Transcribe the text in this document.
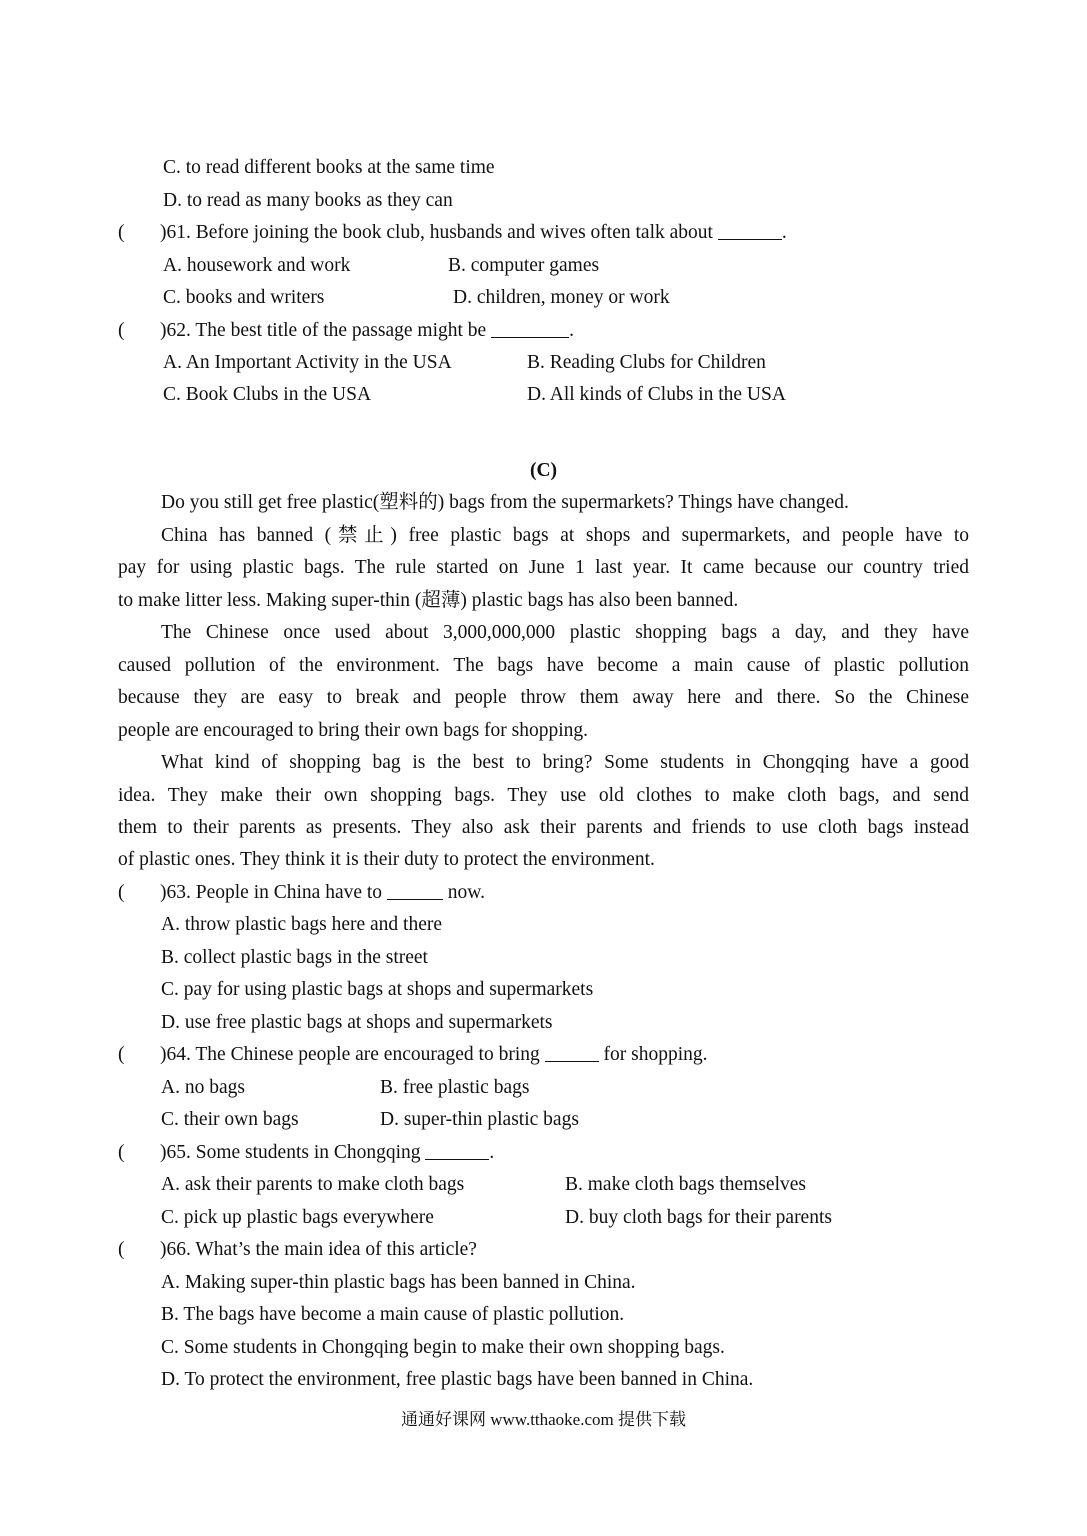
C. to read different books at the same time
D. to read as many books as they can
( )61. Before joining the book club, husbands and wives often talk about	.
A. housework and work	B. computer games
C. books and writers	D. children, money or work
( )62. The best title of the passage might be	.
A. An Important Activity in the USA	B. Reading Clubs for Children
C. Book Clubs in the USA	D. All kinds of Clubs in the USA
(C)
Do you still get free plastic(塑料的) bags from the supermarkets? Things have changed.
China has banned (禁止) free plastic bags at shops and supermarkets, and people have to
pay for using plastic bags. The rule started on June 1 last year. It came because our country tried
to make litter less. Making super-thin (超薄) plastic bags has also been banned.
The Chinese once used about 3,000,000,000 plastic shopping bags a day, and they have
caused pollution of the environment. The bags have become a main cause of plastic pollution
because they are easy to break and people throw them away here and there. So the Chinese
people are encouraged to bring their own bags for shopping.
What kind of shopping bag is the best to bring? Some students in Chongqing have a good
idea. They make their own shopping bags. They use old clothes to make cloth bags, and send
them to their parents as presents. They also ask their parents and friends to use cloth bags instead
of plastic ones. They think it is their duty to protect the environment.
( )63. People in China have to	now.
A. throw plastic bags here and there
B. collect plastic bags in the street
C. pay for using plastic bags at shops and supermarkets
D. use free plastic bags at shops and supermarkets
( )64. The Chinese people are encouraged to bring	for shopping.
A. no bags	B. free plastic bags
C. their own bags	D. super-thin plastic bags
( )65. Some students in Chongqing	.
A. ask their parents to make cloth bags	B. make cloth bags themselves
C. pick up plastic bags everywhere	D. buy cloth bags for their parents
( )66. What’s the main idea of this article?
A. Making super-thin plastic bags has been banned in China.
B. The bags have become a main cause of plastic pollution.
C. Some students in Chongqing begin to make their own shopping bags.
D. To protect the environment, free plastic bags have been banned in China.
通通好课网 www.tthaoke.com 提供下载
